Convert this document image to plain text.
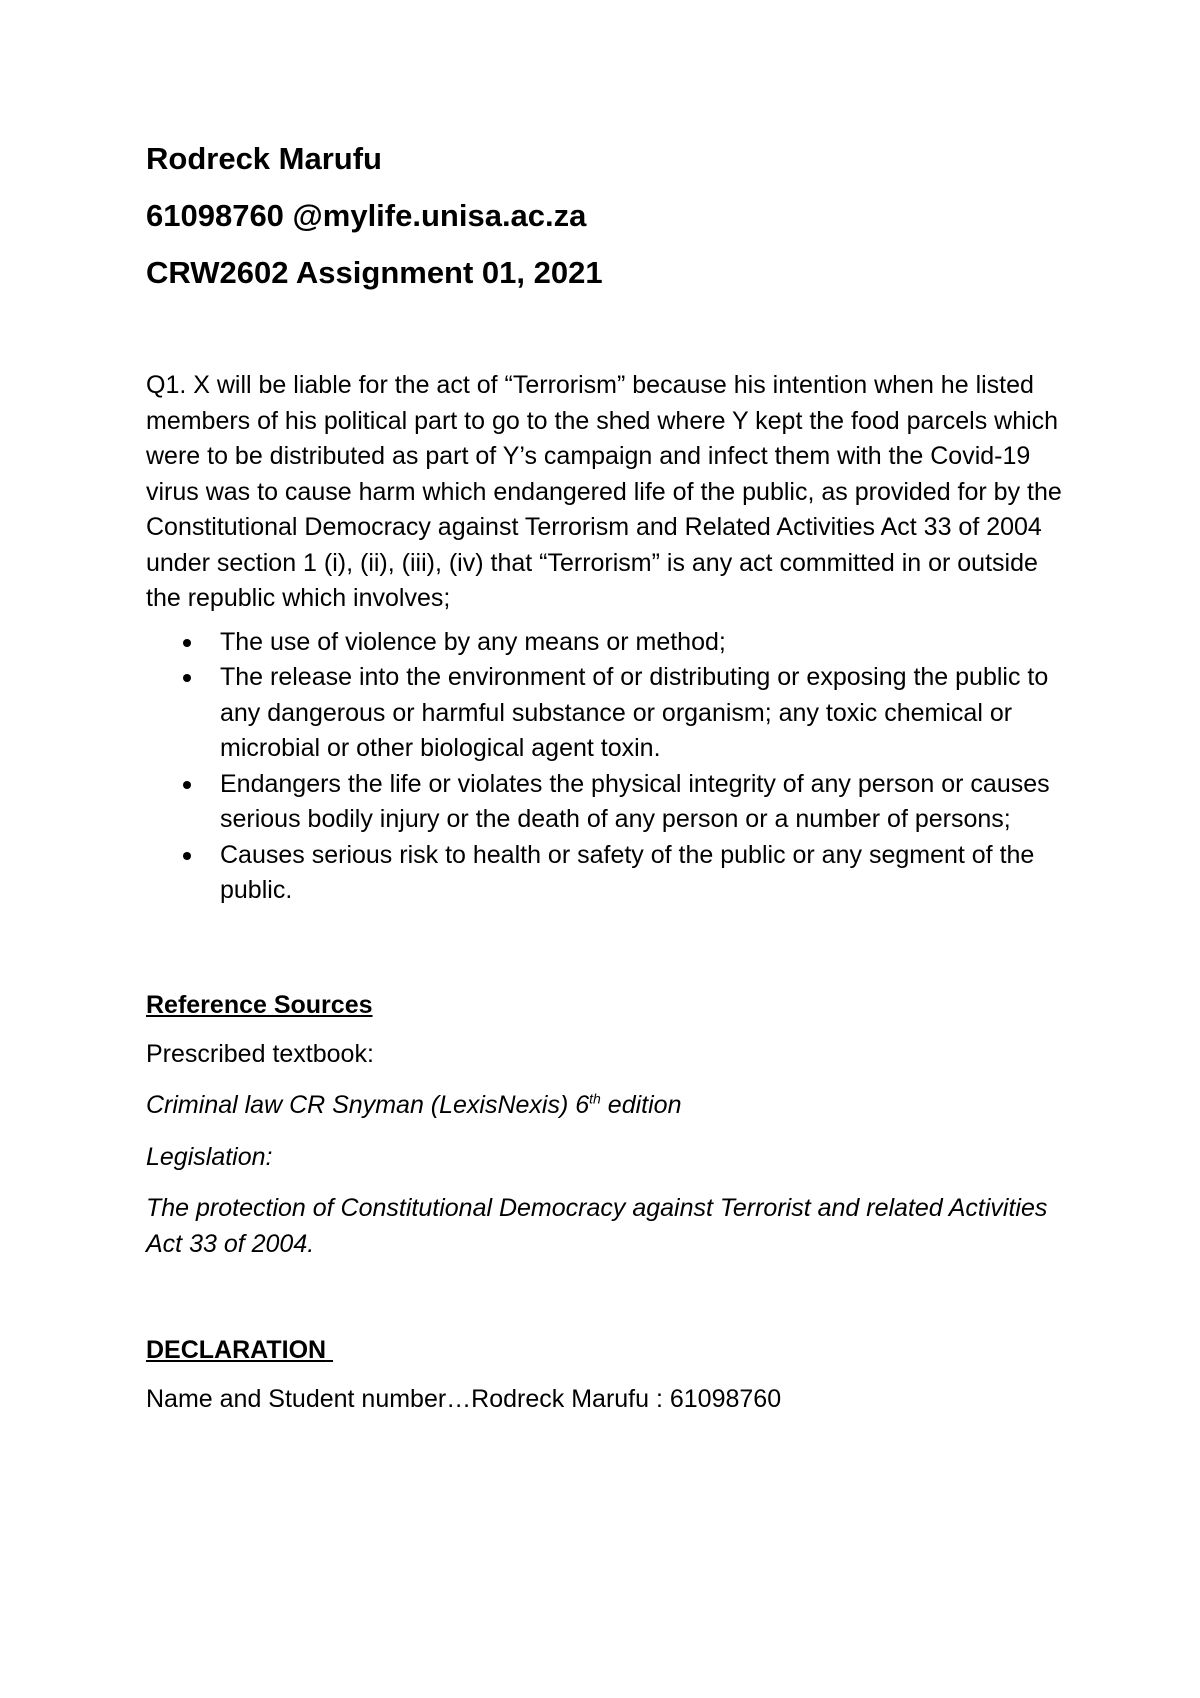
Rodreck Marufu
61098760 @mylife.unisa.ac.za
CRW2602 Assignment 01, 2021

Q1. X will be liable for the act of “Terrorism” because his intention when he listed members of his political part to go to the shed where Y kept the food parcels which were to be distributed as part of Y’s campaign and infect them with the Covid-19 virus was to cause harm which endangered life of the public, as provided for by the Constitutional Democracy against Terrorism and Related Activities Act 33 of 2004 under section 1 (i), (ii), (iii), (iv) that “Terrorism” is any act committed in or outside the republic which involves;

The use of violence by any means or method;
The release into the environment of or distributing or exposing the public to any dangerous or harmful substance or organism; any toxic chemical or microbial or other biological agent toxin.
Endangers the life or violates the physical integrity of any person or causes serious bodily injury or the death of any person or a number of persons;
Causes serious risk to health or safety of the public or any segment of the public.
Reference Sources
Prescribed textbook:
Criminal law CR Snyman (LexisNexis) 6th edition
Legislation:
The protection of Constitutional Democracy against Terrorist and related Activities Act 33 of 2004.
DECLARATION
Name and Student number…Rodreck Marufu : 61098760
